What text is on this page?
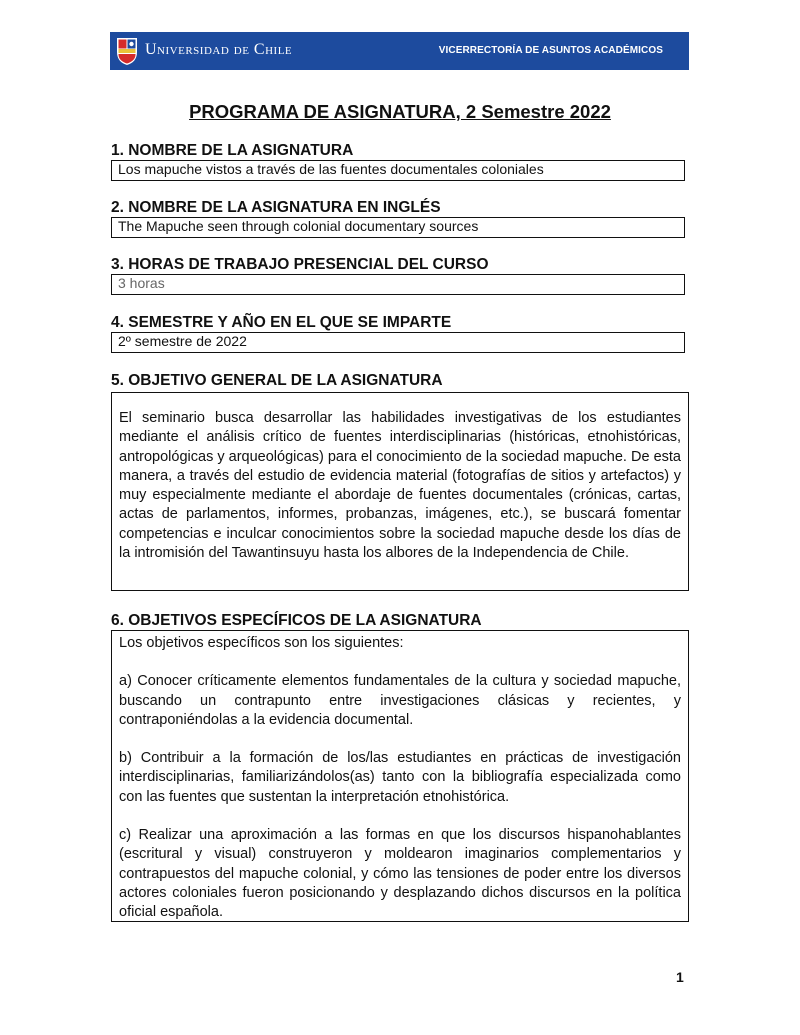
Universidad de Chile	VICERRECTORÍA DE ASUNTOS ACADÉMICOS
PROGRAMA DE ASIGNATURA, 2 Semestre 2022
1. NOMBRE DE LA ASIGNATURA
Los mapuche vistos a través de las fuentes documentales coloniales
2. NOMBRE DE LA ASIGNATURA EN INGLÉS
The Mapuche seen through colonial documentary sources
3. HORAS DE TRABAJO PRESENCIAL DEL CURSO
3 horas
4. SEMESTRE Y AÑO EN EL QUE SE IMPARTE
2º semestre de 2022
5. OBJETIVO GENERAL DE LA ASIGNATURA

El seminario busca desarrollar las habilidades investigativas de los estudiantes mediante el análisis crítico de fuentes interdisciplinarias (históricas, etnohistóricas, antropológicas y arqueológicas) para el conocimiento de la sociedad mapuche. De esta manera, a través del estudio de evidencia material (fotografías de sitios y artefactos) y muy especialmente mediante el abordaje de fuentes documentales (crónicas, cartas, actas de parlamentos, informes, probanzas, imágenes, etc.), se buscará fomentar competencias e inculcar conocimientos sobre la sociedad mapuche desde los días de la intromisión del Tawantinsuyu hasta los albores de la Independencia de Chile.

6. OBJETIVOS ESPECÍFICOS DE LA ASIGNATURA

Los objetivos específicos son los siguientes:

a) Conocer críticamente elementos fundamentales de la cultura y sociedad mapuche, buscando un contrapunto entre investigaciones clásicas y recientes, y contraponiéndolas a la evidencia documental.

b) Contribuir a la formación de los/las estudiantes en prácticas de investigación interdisciplinarias, familiarizándolos(as) tanto con la bibliografía especializada como con las fuentes que sustentan la interpretación etnohistórica.

c) Realizar una aproximación a las formas en que los discursos hispanohablantes (escritural y visual) construyeron y moldearon imaginarios complementarios y contrapuestos del mapuche colonial, y cómo las tensiones de poder entre los diversos actores coloniales fueron posicionando y desplazando dichos discursos en la política oficial española.

1
